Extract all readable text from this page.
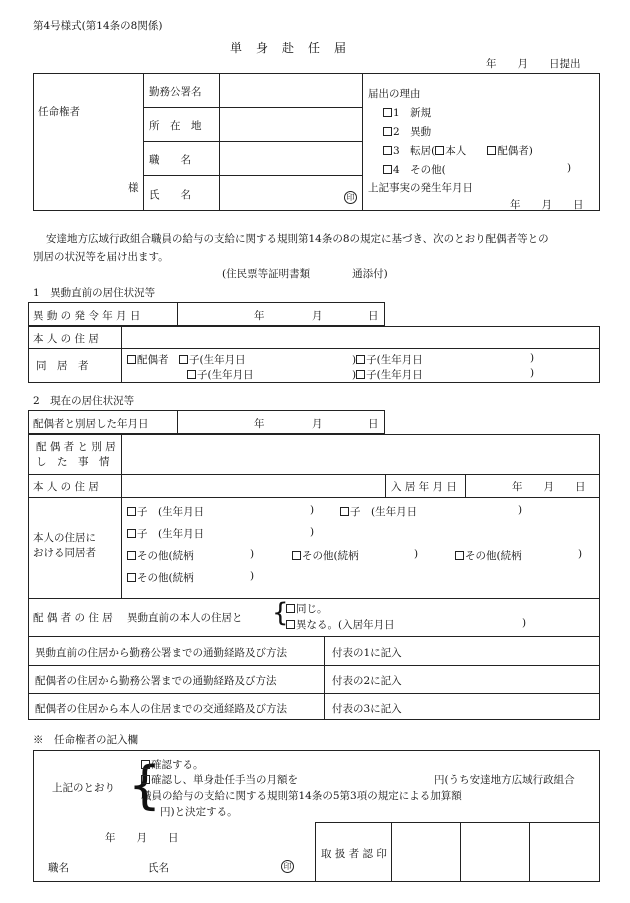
第4号様式(第14条の8関係)
単　身　赴　任　届
年　　月　　日提出
任命権者
様
勤務公署名
所　在　地
職　　名
氏　　名	印
届出の理由
1　新規
2　異動
3　転居( 本人　　	配偶者)
4　その他(	)
上記事実の発生年月日
年　　月　　日
安達地方広域行政組合職員の給与の支給に関する規則第14条の8の規定に基づき、次のとおり配偶者等との
別居の状況等を届け出ます。
(住民票等証明書類　　　　通添付)
1　異動直前の居住状況等
異 動 の 発 令 年 月 日	年	月	日
本 人 の 住 居
同　居　者	配偶者　 子(生年月日	) 子(生年月日	)
子(生年月日	) 子(生年月日	)
2　現在の居住状況等
配偶者と別居した年月日	年	月	日
配 偶 者 と 別 居
し　た　事　情
本 人 の 住 居	入 居 年 月 日	年　　月　　日
本人の住居に
おける同居者
子　(生年月日	)	子　(生年月日	)
子　(生年月日	)
その他(続柄	)	その他(続柄	)	その他(続柄	)
その他(続柄	)
配 偶 者 の 住 居 異動直前の本人の住居と { 同じ。
異なる。(入居年月日	)
異動直前の住居から勤務公署までの通勤経路及び方法	付表の1に記入
配偶者の住居から勤務公署までの通勤経路及び方法	付表の2に記入
配偶者の住居から本人の住居までの交通経路及び方法	付表の3に記入
※　任命権者の記入欄
上記のとおり {
確認する。
確認し、単身赴任手当の月額を	円(うち安達地方広域行政組合
職員の給与の支給に関する規則第14条の5第3項の規定による加算額
円)と決定する。
年　　月　　日
職名	氏名	印
取 扱 者 認 印
